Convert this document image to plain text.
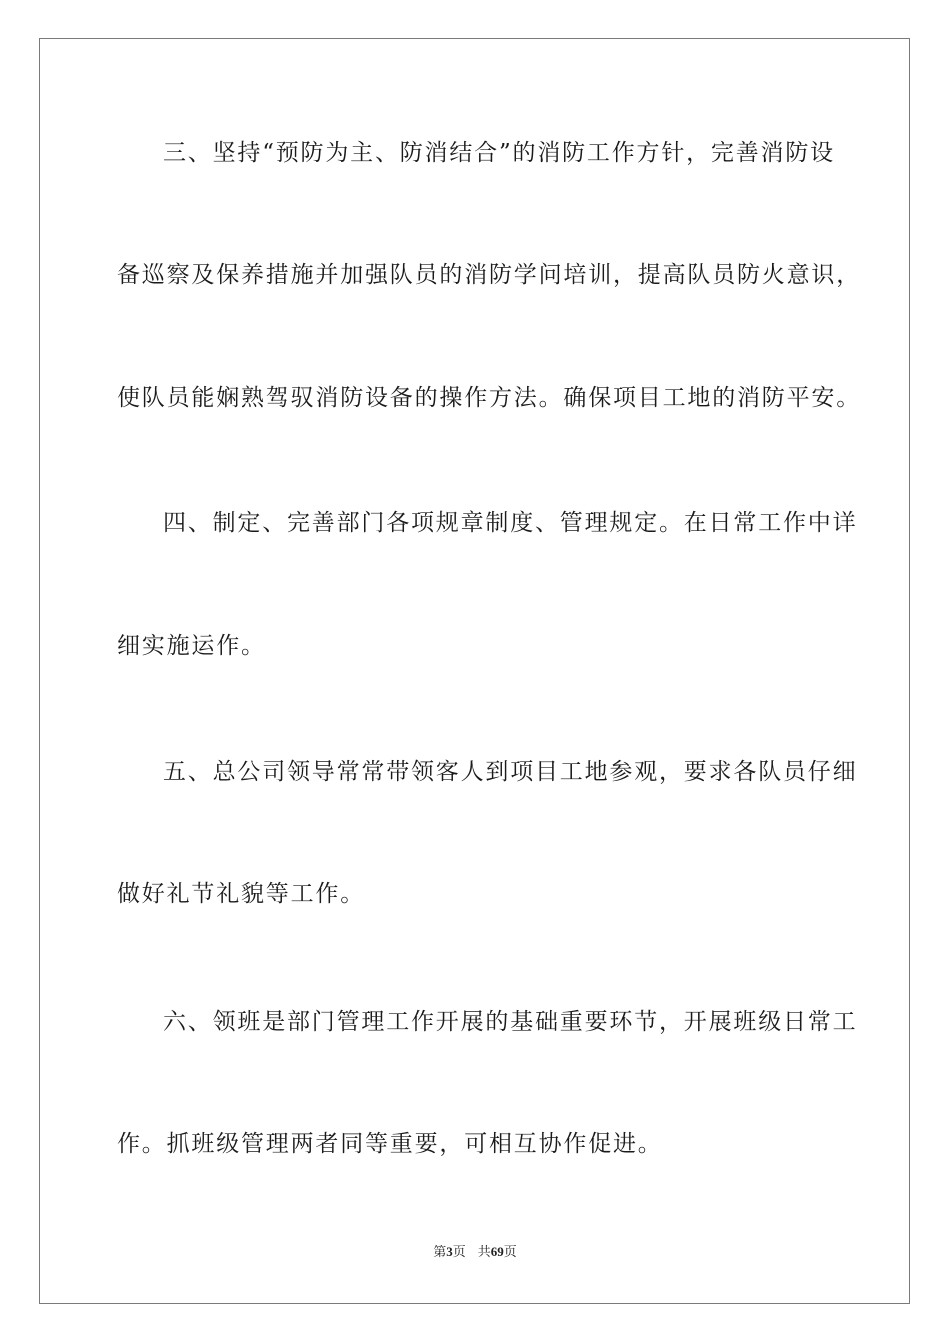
三、坚持“预防为主、防消结合”的消防工作方针，完善消防设
备巡察及保养措施并加强队员的消防学问培训，提高队员防火意识，
使队员能娴熟驾驭消防设备的操作方法。确保项目工地的消防平安。
四、制定、完善部门各项规章制度、管理规定。在日常工作中详
细实施运作。
五、总公司领导常常带领客人到项目工地参观，要求各队员仔细
做好礼节礼貌等工作。
六、领班是部门管理工作开展的基础重要环节，开展班级日常工
作。抓班级管理两者同等重要，可相互协作促进。
第3页 共69页
